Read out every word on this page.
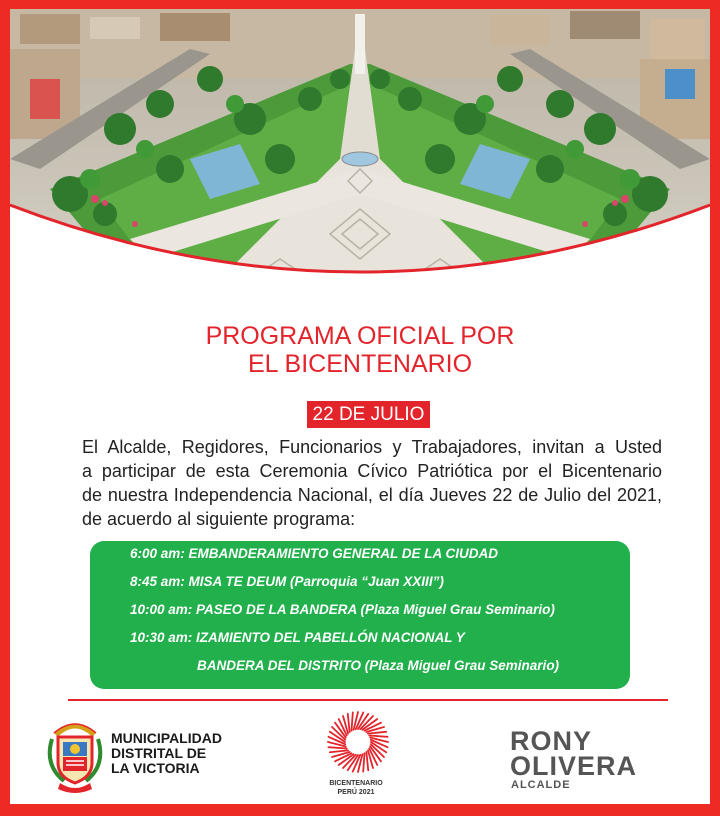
PROGRAMA OFICIAL POR
EL BICENTENARIO
22 DE JULIO
El Alcalde, Regidores, Funcionarios y Trabajadores, invitan a Usted
a participar de esta Ceremonia Cívico Patriótica por el Bicentenario
de nuestra Independencia Nacional, el día Jueves 22 de Julio del 2021,
de acuerdo al siguiente programa:
6:00 am: EMBANDERAMIENTO GENERAL DE LA CIUDAD
8:45 am: MISA TE DEUM (Parroquia “Juan XXIII”)
10:00 am: PASEO DE LA BANDERA (Plaza Miguel Grau Seminario)
10:30 am: IZAMIENTO DEL PABELLÓN NACIONAL Y
BANDERA DEL DISTRITO (Plaza Miguel Grau Seminario)
MUNICIPALIDAD
DISTRITAL DE
LA VICTORIA
BICENTENARIO
PERÚ 2021
RONY
OLIVERA
ALCALDE
